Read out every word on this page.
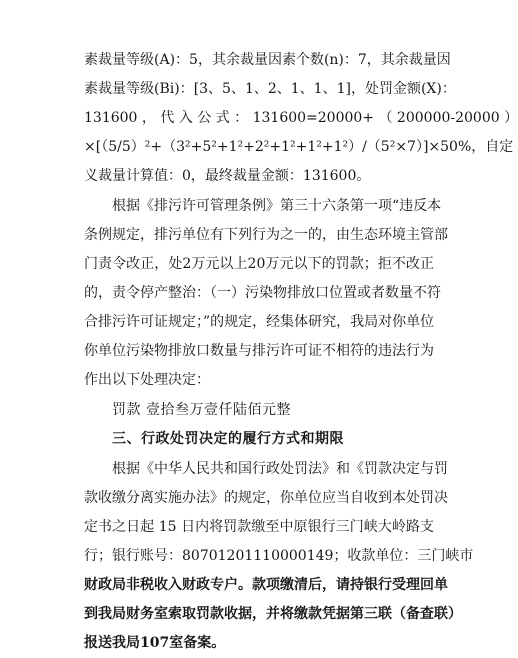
素裁量等级(A)：5，其余裁量因素个数(n)：7，其余裁量因
素裁量等级(Bi)：[3、5、1、2、1、1、1]，处罚金额(X)：
131600 ， 代 入 公 式 ： 131600=20000+ （ 200000-20000 ）
×[（5/5）²+（3²+5²+1²+2²+1²+1²+1²）/（5²×7）]×50%，自定
义裁量计算值：0，最终裁量金额：131600。
根据《排污许可管理条例》第三十六条第一项“违反本
条例规定，排污单位有下列行为之一的，由生态环境主管部
门责令改正，处2万元以上20万元以下的罚款；拒不改正
的，责令停产整治：（一）污染物排放口位置或者数量不符
合排污许可证规定；”的规定，经集体研究，我局对你单位
你单位污染物排放口数量与排污许可证不相符的违法行为
作出以下处理决定：
罚款 壹拾叁万壹仟陆佰元整
三、行政处罚决定的履行方式和期限
根据《中华人民共和国行政处罚法》和《罚款决定与罚
款收缴分离实施办法》的规定，你单位应当自收到本处罚决
定书之日起 15 日内将罚款缴至中原银行三门峡大岭路支
行；银行账号：80701201110000149；收款单位：三门峡市
财政局非税收入财政专户。款项缴清后，请持银行受理回单
到我局财务室索取罚款收据，并将缴款凭据第三联（备查联）
报送我局107室备案。
